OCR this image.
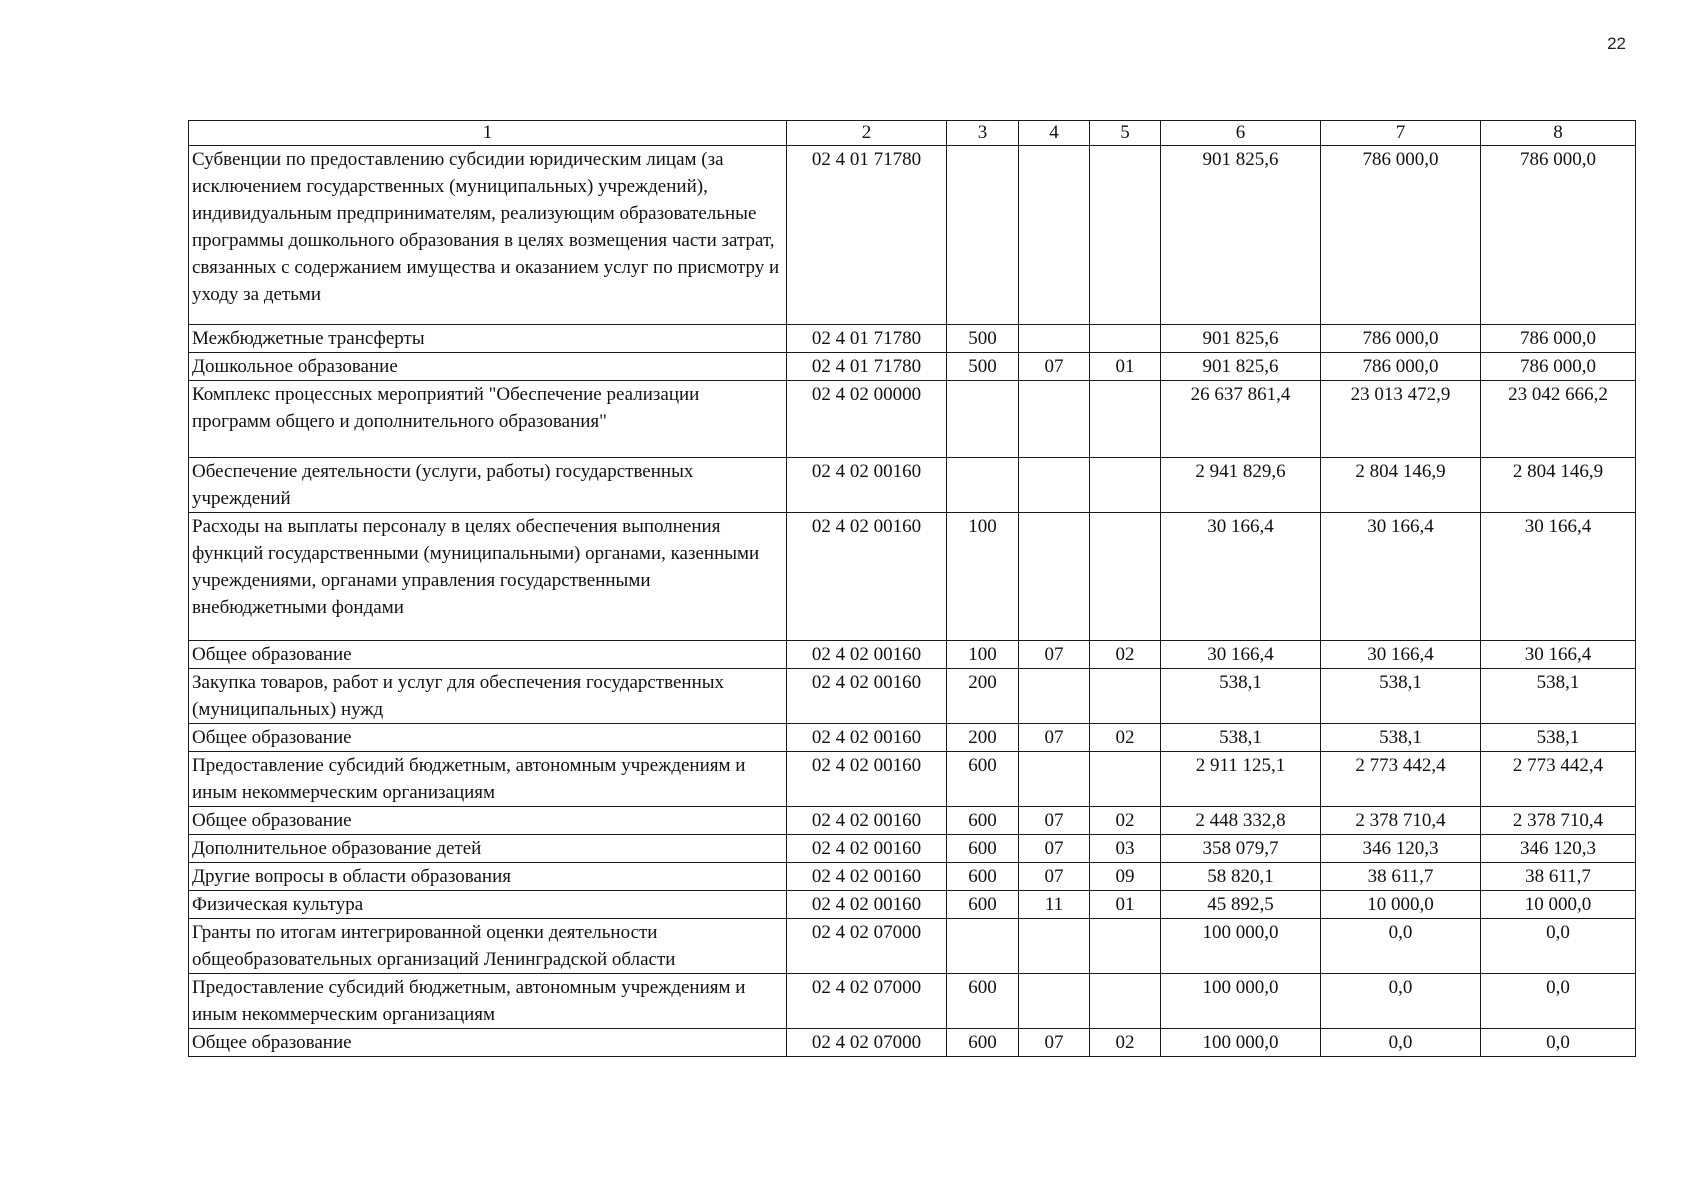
22
1	2	3	4	5	6	7	8
Субвенции по предоставлению субсидии юридическим лицам (за исключением государственных (муниципальных) учреждений), индивидуальным предпринимателям, реализующим образовательные программы дошкольного образования в целях возмещения части затрат, связанных с содержанием имущества и оказанием услуг по присмотру и уходу за детьми	02 4 01 71780				901 825,6	786 000,0	786 000,0
Межбюджетные трансферты	02 4 01 71780	500			901 825,6	786 000,0	786 000,0
Дошкольное образование	02 4 01 71780	500	07	01	901 825,6	786 000,0	786 000,0
Комплекс процессных мероприятий "Обеспечение реализации программ общего и дополнительного образования"	02 4 02 00000				26 637 861,4	23 013 472,9	23 042 666,2
Обеспечение деятельности (услуги, работы) государственных учреждений	02 4 02 00160				2 941 829,6	2 804 146,9	2 804 146,9
Расходы на выплаты персоналу в целях обеспечения выполнения функций государственными (муниципальными) органами, казенными учреждениями, органами управления государственными внебюджетными фондами	02 4 02 00160	100			30 166,4	30 166,4	30 166,4
Общее образование	02 4 02 00160	100	07	02	30 166,4	30 166,4	30 166,4
Закупка товаров, работ и услуг для обеспечения государственных (муниципальных) нужд	02 4 02 00160	200			538,1	538,1	538,1
Общее образование	02 4 02 00160	200	07	02	538,1	538,1	538,1
Предоставление субсидий бюджетным, автономным учреждениям и иным некоммерческим организациям	02 4 02 00160	600			2 911 125,1	2 773 442,4	2 773 442,4
Общее образование	02 4 02 00160	600	07	02	2 448 332,8	2 378 710,4	2 378 710,4
Дополнительное образование детей	02 4 02 00160	600	07	03	358 079,7	346 120,3	346 120,3
Другие вопросы в области образования	02 4 02 00160	600	07	09	58 820,1	38 611,7	38 611,7
Физическая культура	02 4 02 00160	600	11	01	45 892,5	10 000,0	10 000,0
Гранты по итогам интегрированной оценки деятельности общеобразовательных организаций Ленинградской области	02 4 02 07000				100 000,0	0,0	0,0
Предоставление субсидий бюджетным, автономным учреждениям и иным некоммерческим организациям	02 4 02 07000	600			100 000,0	0,0	0,0
Общее образование	02 4 02 07000	600	07	02	100 000,0	0,0	0,0
